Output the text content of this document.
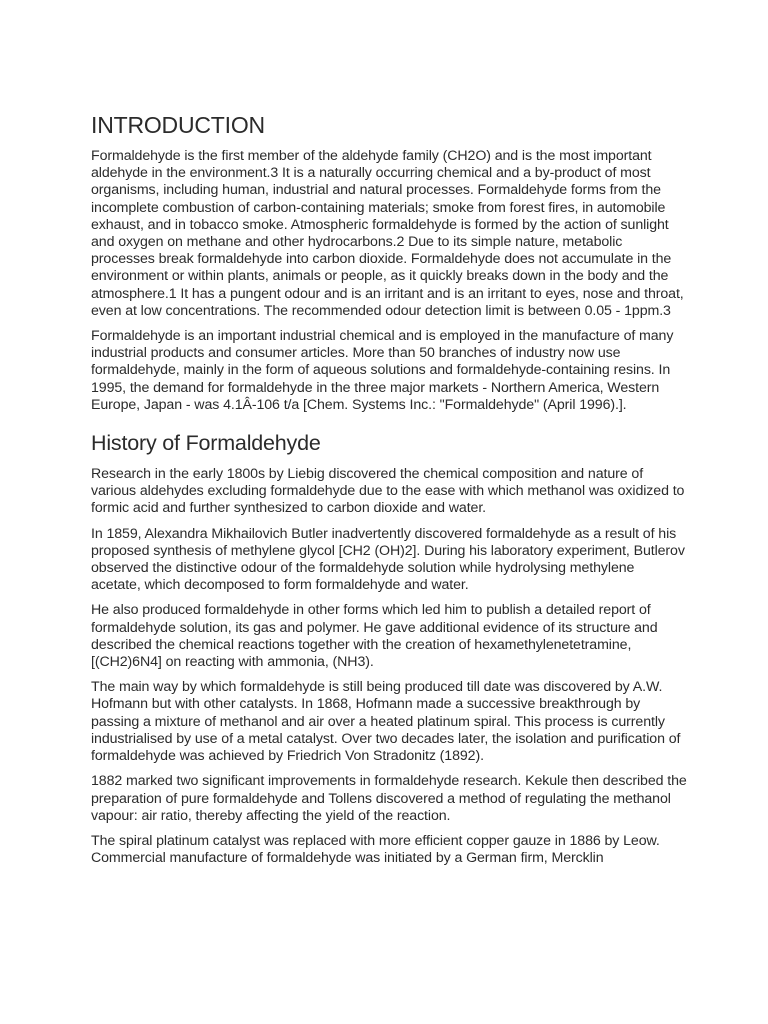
INTRODUCTION

Formaldehyde is the first member of the aldehyde family (CH2O) and is the most important aldehyde in the environment.3 It is a naturally occurring chemical and a by-product of most organisms, including human, industrial and natural processes. Formaldehyde forms from the incomplete combustion of carbon-containing materials; smoke from forest fires, in automobile exhaust, and in tobacco smoke. Atmospheric formaldehyde is formed by the action of sunlight and oxygen on methane and other hydrocarbons.2 Due to its simple nature, metabolic processes break formaldehyde into carbon dioxide. Formaldehyde does not accumulate in the environment or within plants, animals or people, as it quickly breaks down in the body and the atmosphere.1 It has a pungent odour and is an irritant and is an irritant to eyes, nose and throat, even at low concentrations. The recommended odour detection limit is between 0.05 - 1ppm.3

Formaldehyde is an important industrial chemical and is employed in the manufacture of many industrial products and consumer articles. More than 50 branches of industry now use formaldehyde, mainly in the form of aqueous solutions and formaldehyde-containing resins. In 1995, the demand for formaldehyde in the three major markets - Northern America, Western Europe, Japan - was 4.1Â-106 t/a [Chem. Systems Inc.: "Formaldehyde" (April 1996).].

History of Formaldehyde

Research in the early 1800s by Liebig discovered the chemical composition and nature of various aldehydes excluding formaldehyde due to the ease with which methanol was oxidized to formic acid and further synthesized to carbon dioxide and water.

In 1859, Alexandra Mikhailovich Butler inadvertently discovered formaldehyde as a result of his proposed synthesis of methylene glycol [CH2 (OH)2]. During his laboratory experiment, Butlerov observed the distinctive odour of the formaldehyde solution while hydrolysing methylene acetate, which decomposed to form formaldehyde and water.

He also produced formaldehyde in other forms which led him to publish a detailed report of formaldehyde solution, its gas and polymer. He gave additional evidence of its structure and described the chemical reactions together with the creation of hexamethylenetetramine, [(CH2)6N4] on reacting with ammonia, (NH3).

The main way by which formaldehyde is still being produced till date was discovered by A.W. Hofmann but with other catalysts. In 1868, Hofmann made a successive breakthrough by passing a mixture of methanol and air over a heated platinum spiral. This process is currently industrialised by use of a metal catalyst. Over two decades later, the isolation and purification of formaldehyde was achieved by Friedrich Von Stradonitz (1892).

1882 marked two significant improvements in formaldehyde research. Kekule then described the preparation of pure formaldehyde and Tollens discovered a method of regulating the methanol vapour: air ratio, thereby affecting the yield of the reaction.

The spiral platinum catalyst was replaced with more efficient copper gauze in 1886 by Leow. Commercial manufacture of formaldehyde was initiated by a German firm, Mercklin
